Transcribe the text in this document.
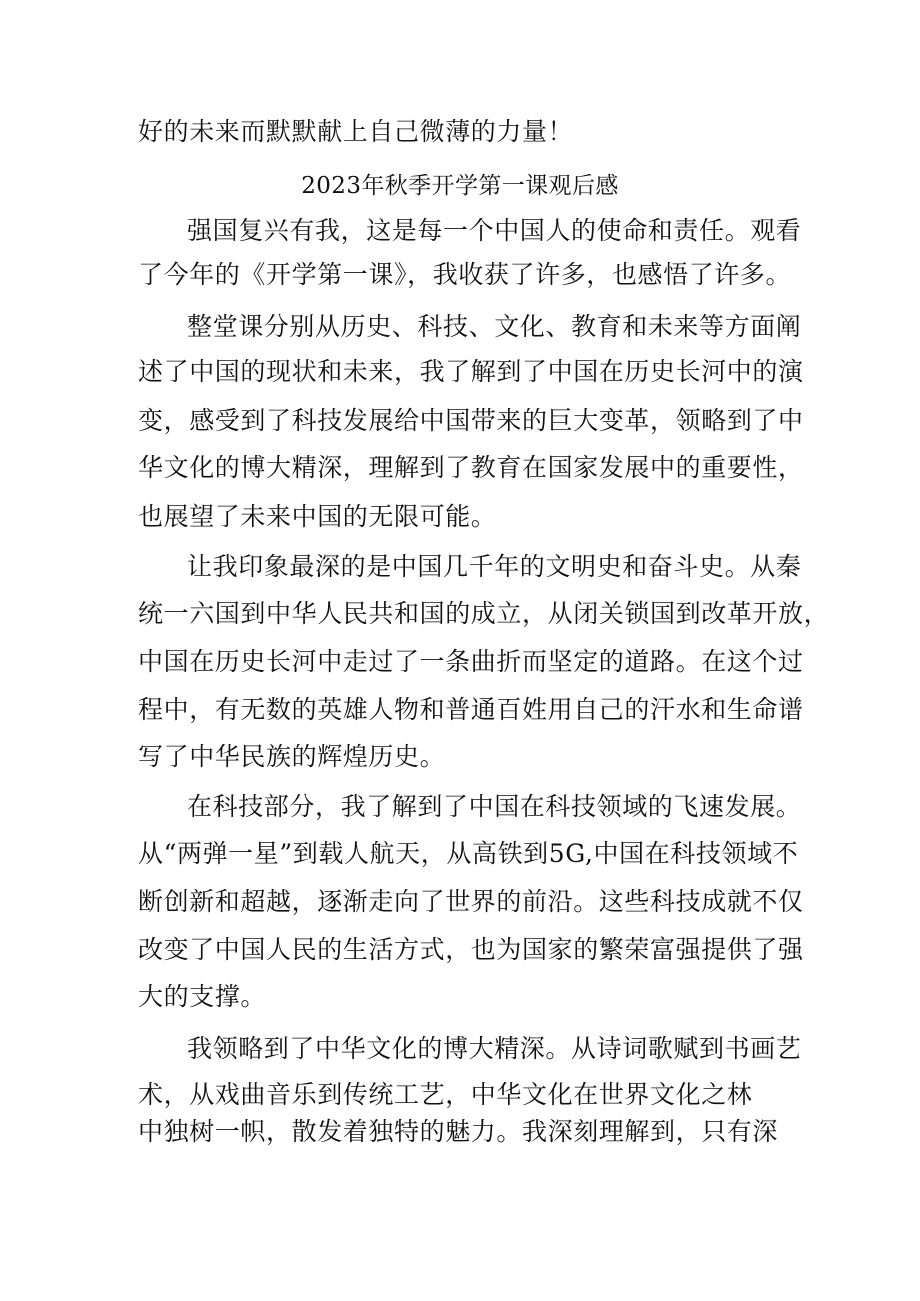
好的未来而默默献上自己微薄的力量！
2023年秋季开学第一课观后感
强国复兴有我，这是每一个中国人的使命和责任。观看
了今年的《开学第一课》，我收获了许多，也感悟了许多。
整堂课分别从历史、科技、文化、教育和未来等方面阐
述了中国的现状和未来，我了解到了中国在历史长河中的演
变，感受到了科技发展给中国带来的巨大变革，领略到了中
华文化的博大精深，理解到了教育在国家发展中的重要性，
也展望了未来中国的无限可能。
让我印象最深的是中国几千年的文明史和奋斗史。从秦
统一六国到中华人民共和国的成立，从闭关锁国到改革开放，
中国在历史长河中走过了一条曲折而坚定的道路。在这个过
程中，有无数的英雄人物和普通百姓用自己的汗水和生命谱
写了中华民族的辉煌历史。
在科技部分，我了解到了中国在科技领域的飞速发展。
从“两弹一星”到载人航天，从高铁到5G,中国在科技领域不
断创新和超越，逐渐走向了世界的前沿。这些科技成就不仅
改变了中国人民的生活方式，也为国家的繁荣富强提供了强
大的支撑。
我领略到了中华文化的博大精深。从诗词歌赋到书画艺
术，从戏曲音乐到传统工艺，中华文化在世界文化之林
中独树一帜，散发着独特的魅力。我深刻理解到，只有深
